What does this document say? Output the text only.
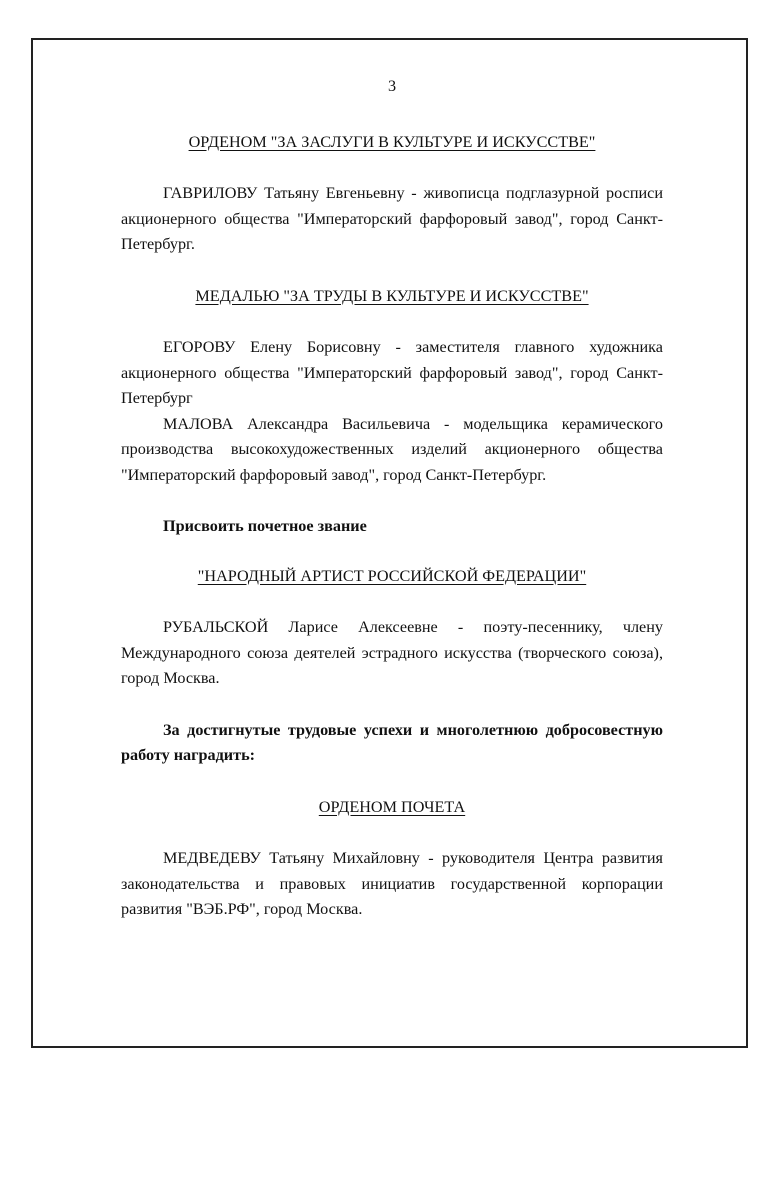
3

ОРДЕНОМ "ЗА ЗАСЛУГИ В КУЛЬТУРЕ И ИСКУССТВЕ"

ГАВРИЛОВУ Татьяну Евгеньевну - живописца подглазурной росписи акционерного общества "Императорский фарфоровый завод", город Санкт-Петербург.

МЕДАЛЬЮ "ЗА ТРУДЫ В КУЛЬТУРЕ И ИСКУССТВЕ"

ЕГОРОВУ Елену Борисовну - заместителя главного художника акционерного общества "Императорский фарфоровый завод", город Санкт-Петербург

МАЛОВА Александра Васильевича - модельщика керамического производства высокохудожественных изделий акционерного общества "Императорский фарфоровый завод", город Санкт-Петербург.

Присвоить почетное звание

"НАРОДНЫЙ АРТИСТ РОССИЙСКОЙ ФЕДЕРАЦИИ"

РУБАЛЬСКОЙ Ларисе Алексеевне - поэту-песеннику, члену Международного союза деятелей эстрадного искусства (творческого союза), город Москва.

За достигнутые трудовые успехи и многолетнюю добросовестную работу наградить:

ОРДЕНОМ ПОЧЕТА

МЕДВЕДЕВУ Татьяну Михайловну - руководителя Центра развития законодательства и правовых инициатив государственной корпорации развития "ВЭБ.РФ", город Москва.
